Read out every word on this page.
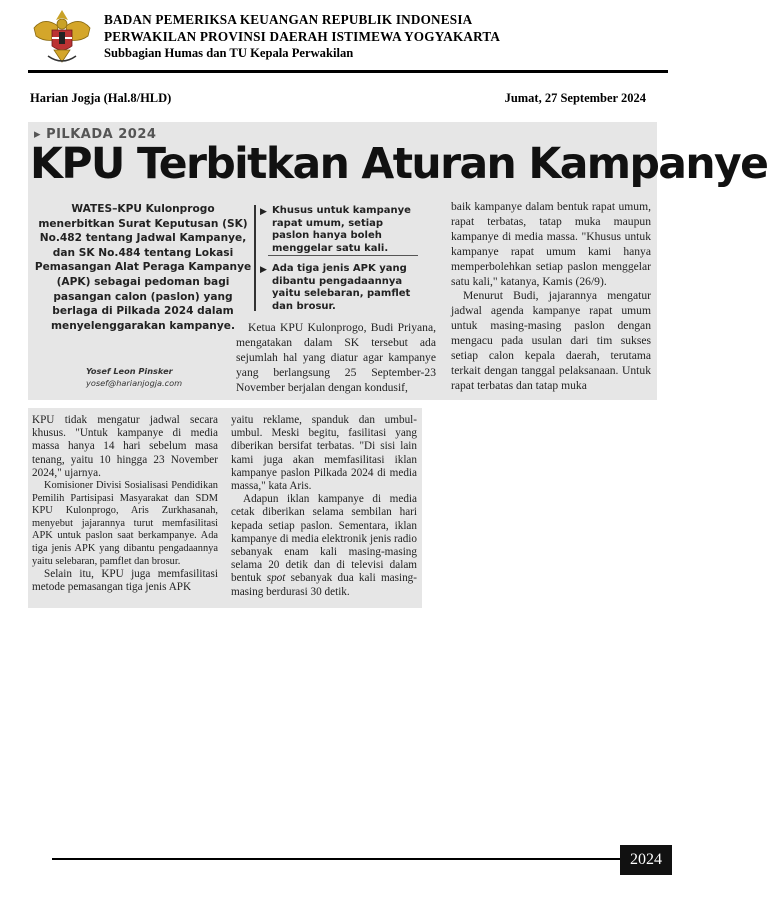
BADAN PEMERIKSA KEUANGAN REPUBLIK INDONESIA
PERWAKILAN PROVINSI DAERAH ISTIMEWA YOGYAKARTA
Subbagian Humas dan TU Kepala Perwakilan
Harian Jogja (Hal.8/HLD)	Jumat, 27 September 2024
▸ PILKADA 2024
KPU Terbitkan Aturan Kampanye
WATES–KPU Kulonprogo menerbitkan Surat Keputusan (SK) No.482 tentang Jadwal Kampanye, dan SK No.484 tentang Lokasi Pemasangan Alat Peraga Kampanye (APK) sebagai pedoman bagi pasangan calon (paslon) yang berlaga di Pilkada 2024 dalam menyelenggarakan kampanye.
Yosef Leon Pinsker
yosef@harianjogja.com
▶ Khusus untuk kampanye rapat umum, setiap paslon hanya boleh menggelar satu kali.
▶ Ada tiga jenis APK yang dibantu pengadaannya yaitu selebaran, pamflet dan brosur.
Ketua KPU Kulonprogo, Budi Priyana, mengatakan dalam SK tersebut ada sejumlah hal yang diatur agar kampanye yang berlangsung 25 September-23 November berjalan dengan kondusif,
baik kampanye dalam bentuk rapat umum, rapat terbatas, tatap muka maupun kampanye di media massa. "Khusus untuk kampanye rapat umum kami hanya memperbolehkan setiap paslon menggelar satu kali," katanya, Kamis (26/9).
Menurut Budi, jajarannya mengatur jadwal agenda kampanye rapat umum untuk masing-masing paslon dengan mengacu pada usulan dari tim sukses setiap calon kepala daerah, terutama terkait dengan tanggal pelaksanaan. Untuk rapat terbatas dan tatap muka
KPU tidak mengatur jadwal secara khusus. "Untuk kampanye di media massa hanya 14 hari sebelum masa tenang, yaitu 10 hingga 23 November 2024," ujarnya.
Komisioner Divisi Sosialisasi Pendidikan Pemilih Partisipasi Masyarakat dan SDM KPU Kulonprogo, Aris Zurkhasanah, menyebut jajarannya turut memfasilitasi APK untuk paslon saat berkampanye. Ada tiga jenis APK yang dibantu pengadaannya yaitu selebaran, pamflet dan brosur.
Selain itu, KPU juga memfasilitasi metode pemasangan tiga jenis APK
yaitu reklame, spanduk dan umbul-umbul. Meski begitu, fasilitasi yang diberikan bersifat terbatas. "Di sisi lain kami juga akan memfasilitasi iklan kampanye paslon Pilkada 2024 di media massa," kata Aris.
Adapun iklan kampanye di media cetak diberikan selama sembilan hari kepada setiap paslon. Sementara, iklan kampanye di media elektronik jenis radio sebanyak enam kali masing-masing selama 20 detik dan di televisi dalam bentuk spot sebanyak dua kali masing-masing berdurasi 30 detik.
2024
